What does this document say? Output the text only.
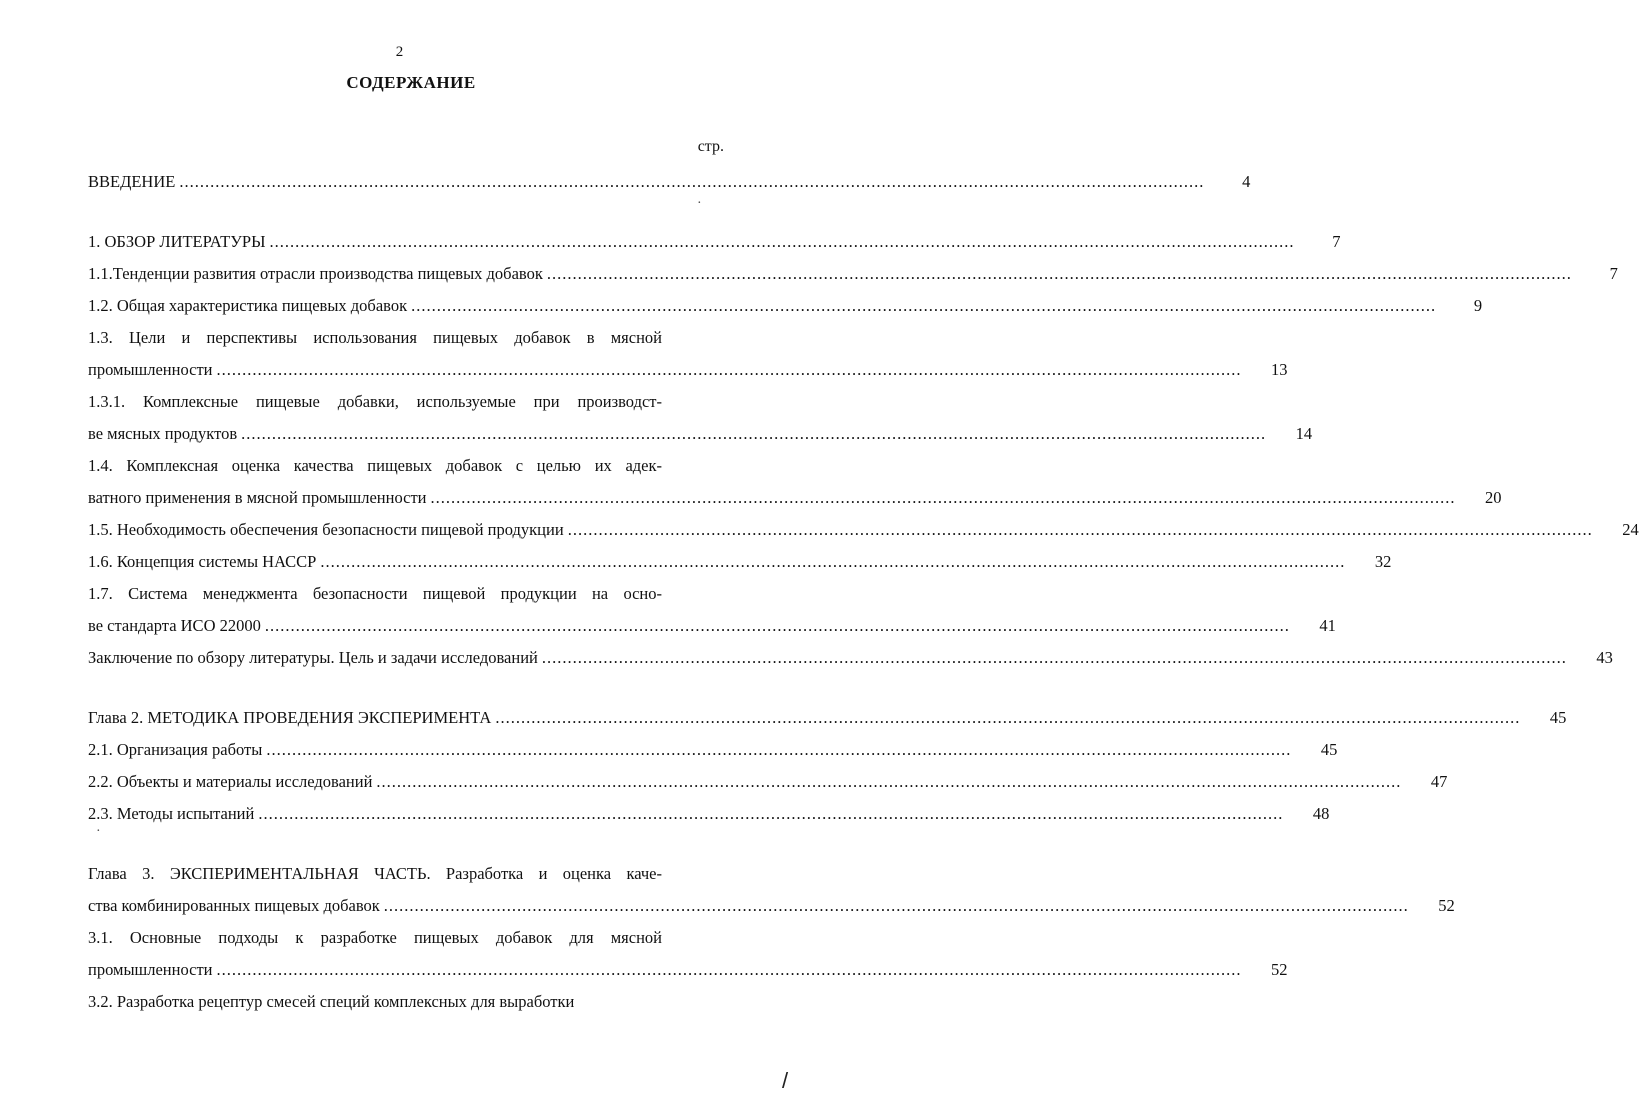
2
СОДЕРЖАНИЕ
стр.
ВВЕДЕНИЕ ........................................................................................................................................................................................................	4
1. ОБЗОР ЛИТЕРАТУРЫ ........................................................................................................................................................................................................	7
1.1.Тенденции развития отрасли производства пищевых добавок ........................................................................................................................................................................................................	7
1.2. Общая характеристика пищевых добавок ........................................................................................................................................................................................................	9
1.3. Цели и перспективы использования пищевых добавок в мясной
промышленности ........................................................................................................................................................................................................	13
1.3.1. Комплексные пищевые добавки, используемые при производст-
ве мясных продуктов ........................................................................................................................................................................................................	14
1.4. Комплексная оценка качества пищевых добавок с целью их адек-
ватного применения в мясной промышленности ........................................................................................................................................................................................................	20
1.5. Необходимость обеспечения безопасности пищевой продукции ........................................................................................................................................................................................................	24
1.6. Концепция системы НАССР ........................................................................................................................................................................................................	32
1.7. Система менеджмента безопасности пищевой продукции на осно-
ве стандарта ИСО 22000 ........................................................................................................................................................................................................	41
Заключение по обзору литературы. Цель и задачи исследований ........................................................................................................................................................................................................	43
Глава 2. МЕТОДИКА ПРОВЕДЕНИЯ ЭКСПЕРИМЕНТА ........................................................................................................................................................................................................	45
2.1. Организация работы ........................................................................................................................................................................................................	45
2.2. Объекты и материалы исследований ........................................................................................................................................................................................................	47
2.3. Методы испытаний ........................................................................................................................................................................................................	48
Глава 3. ЭКСПЕРИМЕНТАЛЬНАЯ ЧАСТЬ. Разработка и оценка каче-
ства комбинированных пищевых добавок ........................................................................................................................................................................................................	52
3.1. Основные подходы к разработке пищевых добавок для мясной
промышленности ........................................................................................................................................................................................................	52
3.2. Разработка рецептур смесей специй комплексных для выработки
·
·
/
